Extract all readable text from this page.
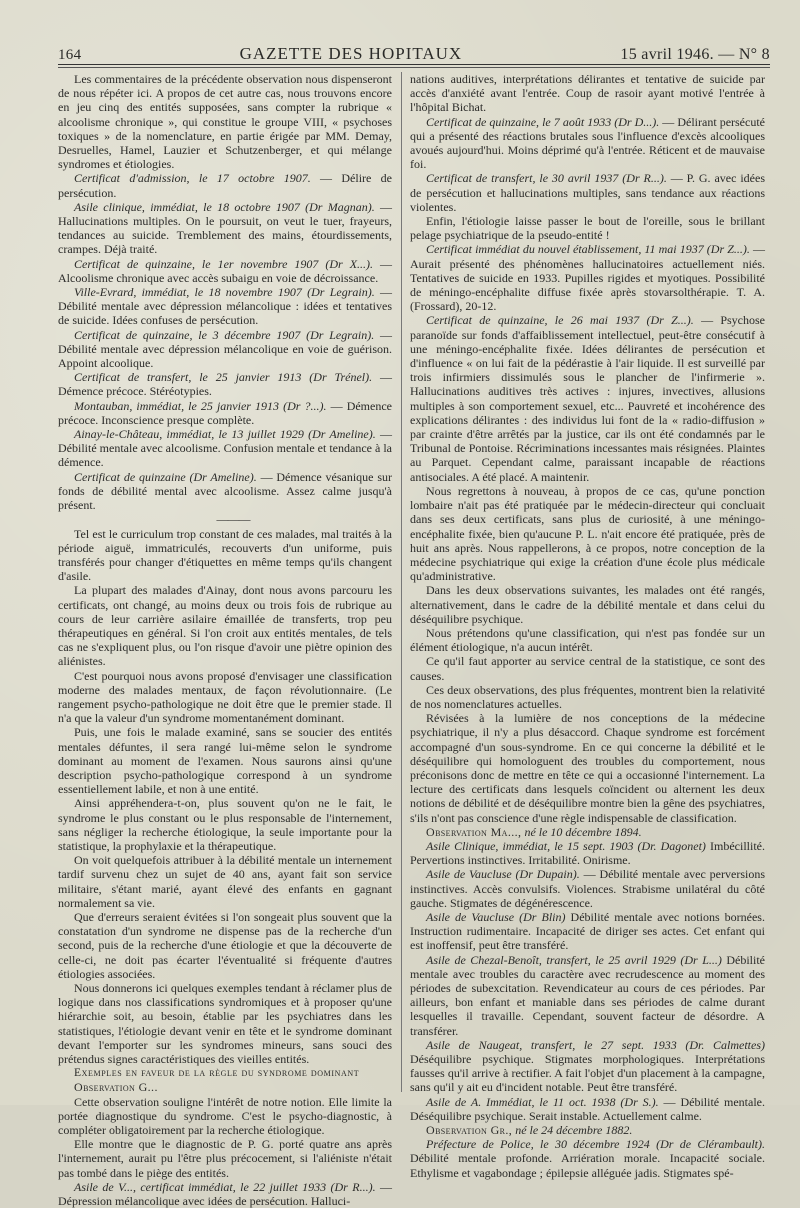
164	GAZETTE DES HOPITAUX	15 avril 1946. — N° 8

Les commentaires de la précédente observation nous dispenseront de nous répéter ici. A propos de cet autre cas, nous trouvons encore en jeu cinq des entités supposées, sans compter la rubrique « alcoolisme chronique », qui constitue le groupe VIII, « psychoses toxiques » de la nomenclature, en partie érigée par MM. Demay, Desruelles, Hamel, Lauzier et Schutzenberger, et qui mélange syndromes et étiologies.

Certificat d'admission, le 17 octobre 1907. — Délire de persécution.

Asile clinique, immédiat, le 18 octobre 1907 (Dr Magnan). — Hallucinations multiples. On le poursuit, on veut le tuer, frayeurs, tendances au suicide. Tremblement des mains, étourdissements, crampes. Déjà traité.

Certificat de quinzaine, le 1er novembre 1907 (Dr X...). — Alcoolisme chronique avec accès subaigu en voie de décroissance.

Ville-Evrard, immédiat, le 18 novembre 1907 (Dr Legrain). — Débilité mentale avec dépression mélancolique : idées et tentatives de suicide. Idées confuses de persécution.

Certificat de quinzaine, le 3 décembre 1907 (Dr Legrain). — Débilité mentale avec dépression mélancolique en voie de guérison. Appoint alcoolique.

Certificat de transfert, le 25 janvier 1913 (Dr Trénel). — Démence précoce. Stéréotypies.

Montauban, immédiat, le 25 janvier 1913 (Dr ?...). — Démence précoce. Inconscience presque complète.

Ainay-le-Château, immédiat, le 13 juillet 1929 (Dr Ameline). — Débilité mentale avec alcoolisme. Confusion mentale et tendance à la démence.

Certificat de quinzaine (Dr Ameline). — Démence vésanique sur fonds de débilité mental avec alcoolisme. Assez calme jusqu'à présent.

———

Tel est le curriculum trop constant de ces malades, mal traités à la période aiguë, immatriculés, recouverts d'un uniforme, puis transférés pour changer d'étiquettes en même temps qu'ils changent d'asile.

La plupart des malades d'Ainay, dont nous avons parcouru les certificats, ont changé, au moins deux ou trois fois de rubrique au cours de leur carrière asilaire émaillée de transferts, trop peu thérapeutiques en général. Si l'on croit aux entités mentales, de tels cas ne s'expliquent plus, ou l'on risque d'avoir une piètre opinion des aliénistes.

C'est pourquoi nous avons proposé d'envisager une classification moderne des malades mentaux, de façon révolutionnaire. (Le rangement psycho-pathologique ne doit être que le premier stade. Il n'a que la valeur d'un syndrome momentanément dominant.

Puis, une fois le malade examiné, sans se soucier des entités mentales défuntes, il sera rangé lui-même selon le syndrome dominant au moment de l'examen. Nous saurons ainsi qu'une description psycho-pathologique correspond à un syndrome essentiellement labile, et non à une entité.

Ainsi appréhendera-t-on, plus souvent qu'on ne le fait, le syndrome le plus constant ou le plus responsable de l'internement, sans négliger la recherche étiologique, la seule importante pour la statistique, la prophylaxie et la thérapeutique.

On voit quelquefois attribuer à la débilité mentale un internement tardif survenu chez un sujet de 40 ans, ayant fait son service militaire, s'étant marié, ayant élevé des enfants en gagnant normalement sa vie.

Que d'erreurs seraient évitées si l'on songeait plus souvent que la constatation d'un syndrome ne dispense pas de la recherche d'un second, puis de la recherche d'une étiologie et que la découverte de celle-ci, ne doit pas écarter l'éventualité si fréquente d'autres étiologies associées.

Nous donnerons ici quelques exemples tendant à réclamer plus de logique dans nos classifications syndromiques et à proposer qu'une hiérarchie soit, au besoin, établie par les psychiatres dans les statistiques, l'étiologie devant venir en tête et le syndrome dominant devant l'emporter sur les syndromes mineurs, sans souci des prétendus signes caractéristiques des vieilles entités.

Exemples en faveur de la règle du syndrome dominant

Observation G...

Cette observation souligne l'intérêt de notre notion. Elle limite la portée diagnostique du syndrome. C'est le psycho-diagnostic, à compléter obligatoirement par la recherche étiologique.

Elle montre que le diagnostic de P. G. porté quatre ans après l'internement, aurait pu l'être plus précocement, si l'aliéniste n'était pas tombé dans le piège des entités.

Asile de V..., certificat immédiat, le 22 juillet 1933 (Dr R...). — Dépression mélancolique avec idées de persécution. Halluci-

nations auditives, interprétations délirantes et tentative de suicide par accès d'anxiété avant l'entrée. Coup de rasoir ayant motivé l'entrée à l'hôpital Bichat.

Certificat de quinzaine, le 7 août 1933 (Dr D...). — Délirant persécuté qui a présenté des réactions brutales sous l'influence d'excès alcooliques avoués aujourd'hui. Moins déprimé qu'à l'entrée. Réticent et de mauvaise foi.

Certificat de transfert, le 30 avril 1937 (Dr R...). — P. G. avec idées de persécution et hallucinations multiples, sans tendance aux réactions violentes.

Enfin, l'étiologie laisse passer le bout de l'oreille, sous le brillant pelage psychiatrique de la pseudo-entité !

Certificat immédiat du nouvel établissement, 11 mai 1937 (Dr Z...). — Aurait présenté des phénomènes hallucinatoires actuellement niés. Tentatives de suicide en 1933. Pupilles rigides et myotiques. Possibilité de méningo-encéphalite diffuse fixée après stovarsolthérapie. T. A. (Frossard), 20-12.

Certificat de quinzaine, le 26 mai 1937 (Dr Z...). — Psychose paranoïde sur fonds d'affaiblissement intellectuel, peut-être consécutif à une méningo-encéphalite fixée. Idées délirantes de persécution et d'influence « on lui fait de la pédérastie à l'air liquide. Il est surveillé par trois infirmiers dissimulés sous le plancher de l'infirmerie ». Hallucinations auditives très actives : injures, invectives, allusions multiples à son comportement sexuel, etc... Pauvreté et incohérence des explications délirantes : des individus lui font de la « radio-diffusion » par crainte d'être arrêtés par la justice, car ils ont été condamnés par le Tribunal de Pontoise. Récriminations incessantes mais résignées. Plaintes au Parquet. Cependant calme, paraissant incapable de réactions antisociales. A été placé. A maintenir.

Nous regrettons à nouveau, à propos de ce cas, qu'une ponction lombaire n'ait pas été pratiquée par le médecin-directeur qui concluait dans ses deux certificats, sans plus de curiosité, à une méningo-encéphalite fixée, bien qu'aucune P. L. n'ait encore été pratiquée, près de huit ans après. Nous rappellerons, à ce propos, notre conception de la médecine psychiatrique qui exige la création d'une école plus médicale qu'administrative.

Dans les deux observations suivantes, les malades ont été rangés, alternativement, dans le cadre de la débilité mentale et dans celui du déséquilibre psychique.

Nous prétendons qu'une classification, qui n'est pas fondée sur un élément étiologique, n'a aucun intérêt.

Ce qu'il faut apporter au service central de la statistique, ce sont des causes.

Ces deux observations, des plus fréquentes, montrent bien la relativité de nos nomenclatures actuelles.

Révisées à la lumière de nos conceptions de la médecine psychiatrique, il n'y a plus désaccord. Chaque syndrome est forcément accompagné d'un sous-syndrome. En ce qui concerne la débilité et le déséquilibre qui homologuent des troubles du comportement, nous préconisons donc de mettre en tête ce qui a occasionné l'internement. La lecture des certificats dans lesquels coïncident ou alternent les deux notions de débilité et de déséquilibre montre bien la gêne des psychiatres, s'ils n'ont pas conscience d'une règle indispensable de classification.

Observation Ma..., né le 10 décembre 1894.

Asile Clinique, immédiat, le 15 sept. 1903 (Dr. Dagonet) Imbécillité. Pervertions instinctives. Irritabilité. Onirisme.

Asile de Vaucluse (Dr Dupain). — Débilité mentale avec perversions instinctives. Accès convulsifs. Violences. Strabisme unilatéral du côté gauche. Stigmates de dégénérescence.

Asile de Vaucluse (Dr Blin) Débilité mentale avec notions bornées. Instruction rudimentaire. Incapacité de diriger ses actes. Cet enfant qui est inoffensif, peut être transféré.

Asile de Chezal-Benoît, transfert, le 25 avril 1929 (Dr L...) Débilité mentale avec troubles du caractère avec recrudescence au moment des périodes de subexcitation. Revendicateur au cours de ces périodes. Par ailleurs, bon enfant et maniable dans ses périodes de calme durant lesquelles il travaille. Cependant, souvent facteur de désordre. A transférer.

Asile de Naugeat, transfert, le 27 sept. 1933 (Dr. Calmettes) Déséquilibre psychique. Stigmates morphologiques. Interprétations fausses qu'il arrive à rectifier. A fait l'objet d'un placement à la campagne, sans qu'il y ait eu d'incident notable. Peut être transféré.

Asile de A. Immédiat, le 11 oct. 1938 (Dr S.). — Débilité mentale. Déséquilibre psychique. Serait instable. Actuellement calme.

Observation Gr., né le 24 décembre 1882.

Préfecture de Police, le 30 décembre 1924 (Dr de Clérambault). Débilité mentale profonde. Arriération morale. Incapacité sociale. Ethylisme et vagabondage ; épilepsie alléguée jadis. Stigmates spé-
